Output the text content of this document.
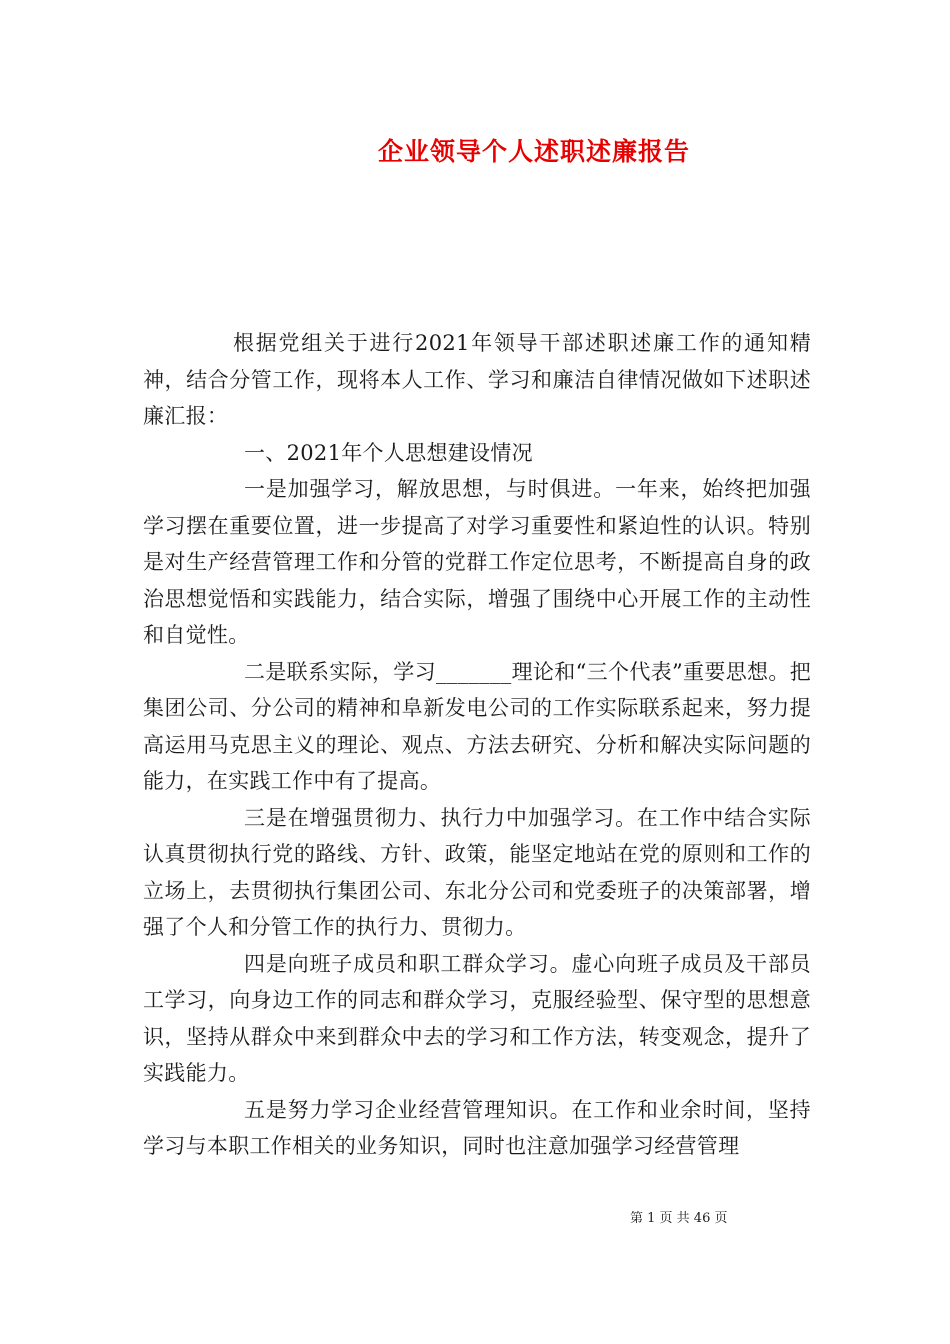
企业领导个人述职述廉报告

根据党组关于进行2021年领导干部述职述廉工作的通知精神，结合分管工作，现将本人工作、学习和廉洁自律情况做如下述职述廉汇报：

一、2021年个人思想建设情况

一是加强学习，解放思想，与时俱进。一年来，始终把加强学习摆在重要位置，进一步提高了对学习重要性和紧迫性的认识。特别是对生产经营管理工作和分管的党群工作定位思考，不断提高自身的政治思想觉悟和实践能力，结合实际，增强了围绕中心开展工作的主动性和自觉性。

二是联系实际，学习_______理论和“三个代表”重要思想。把集团公司、分公司的精神和阜新发电公司的工作实际联系起来，努力提高运用马克思主义的理论、观点、方法去研究、分析和解决实际问题的能力，在实践工作中有了提高。

三是在增强贯彻力、执行力中加强学习。在工作中结合实际认真贯彻执行党的路线、方针、政策，能坚定地站在党的原则和工作的立场上，去贯彻执行集团公司、东北分公司和党委班子的决策部署，增强了个人和分管工作的执行力、贯彻力。

四是向班子成员和职工群众学习。虚心向班子成员及干部员工学习，向身边工作的同志和群众学习，克服经验型、保守型的思想意识，坚持从群众中来到群众中去的学习和工作方法，转变观念，提升了实践能力。

五是努力学习企业经营管理知识。在工作和业余时间，坚持学习与本职工作相关的业务知识，同时也注意加强学习经营管理

第 1 页 共 46 页
